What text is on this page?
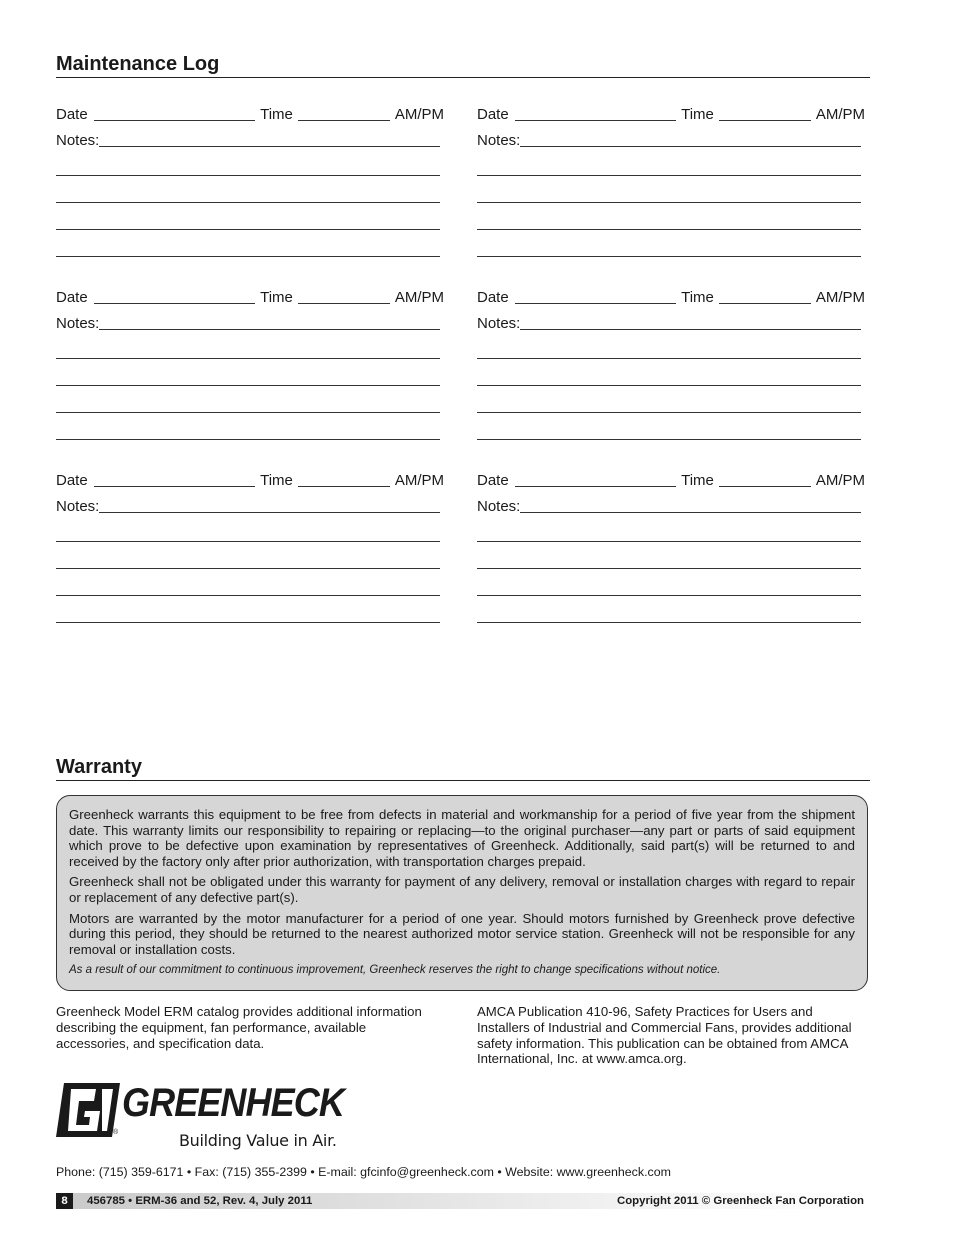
Maintenance Log
Date	Time	AM/PM
Notes:
Date	Time	AM/PM
Notes:
Date	Time	AM/PM
Notes:
Date	Time	AM/PM
Notes:
Date	Time	AM/PM
Notes:
Date	Time	AM/PM
Notes:
Warranty

Greenheck warrants this equipment to be free from defects in material and workmanship for a period of five year from the shipment date. This warranty limits our responsibility to repairing or replacing—to the original purchaser—any part or parts of said equipment which prove to be defective upon examination by representatives of Greenheck. Additionally, said part(s) will be returned to and received by the factory only after prior authorization, with transportation charges prepaid.

Greenheck shall not be obligated under this warranty for payment of any delivery, removal or installation charges with regard to repair or replacement of any defective part(s).

Motors are warranted by the motor manufacturer for a period of one year. Should motors furnished by Greenheck prove defective during this period, they should be returned to the nearest authorized motor service station. Greenheck will not be responsible for any removal or installation costs.

As a result of our commitment to continuous improvement, Greenheck reserves the right to change specifications without notice.

Greenheck Model ERM catalog provides additional information describing the equipment, fan performance, available accessories, and specification data.
AMCA Publication 410-96, Safety Practices for Users and Installers of Industrial and Commercial Fans, provides additional safety information. This publication can be obtained from AMCA International, Inc. at www.amca.org.
GREENHECK
®	Building Value in Air.
Phone: (715) 359-6171 • Fax: (715) 355-2399 • E-mail: gfcinfo@greenheck.com • Website: www.greenheck.com
8	456785 • ERM-36 and 52, Rev. 4, July 2011	Copyright 2011 © Greenheck Fan Corporation
